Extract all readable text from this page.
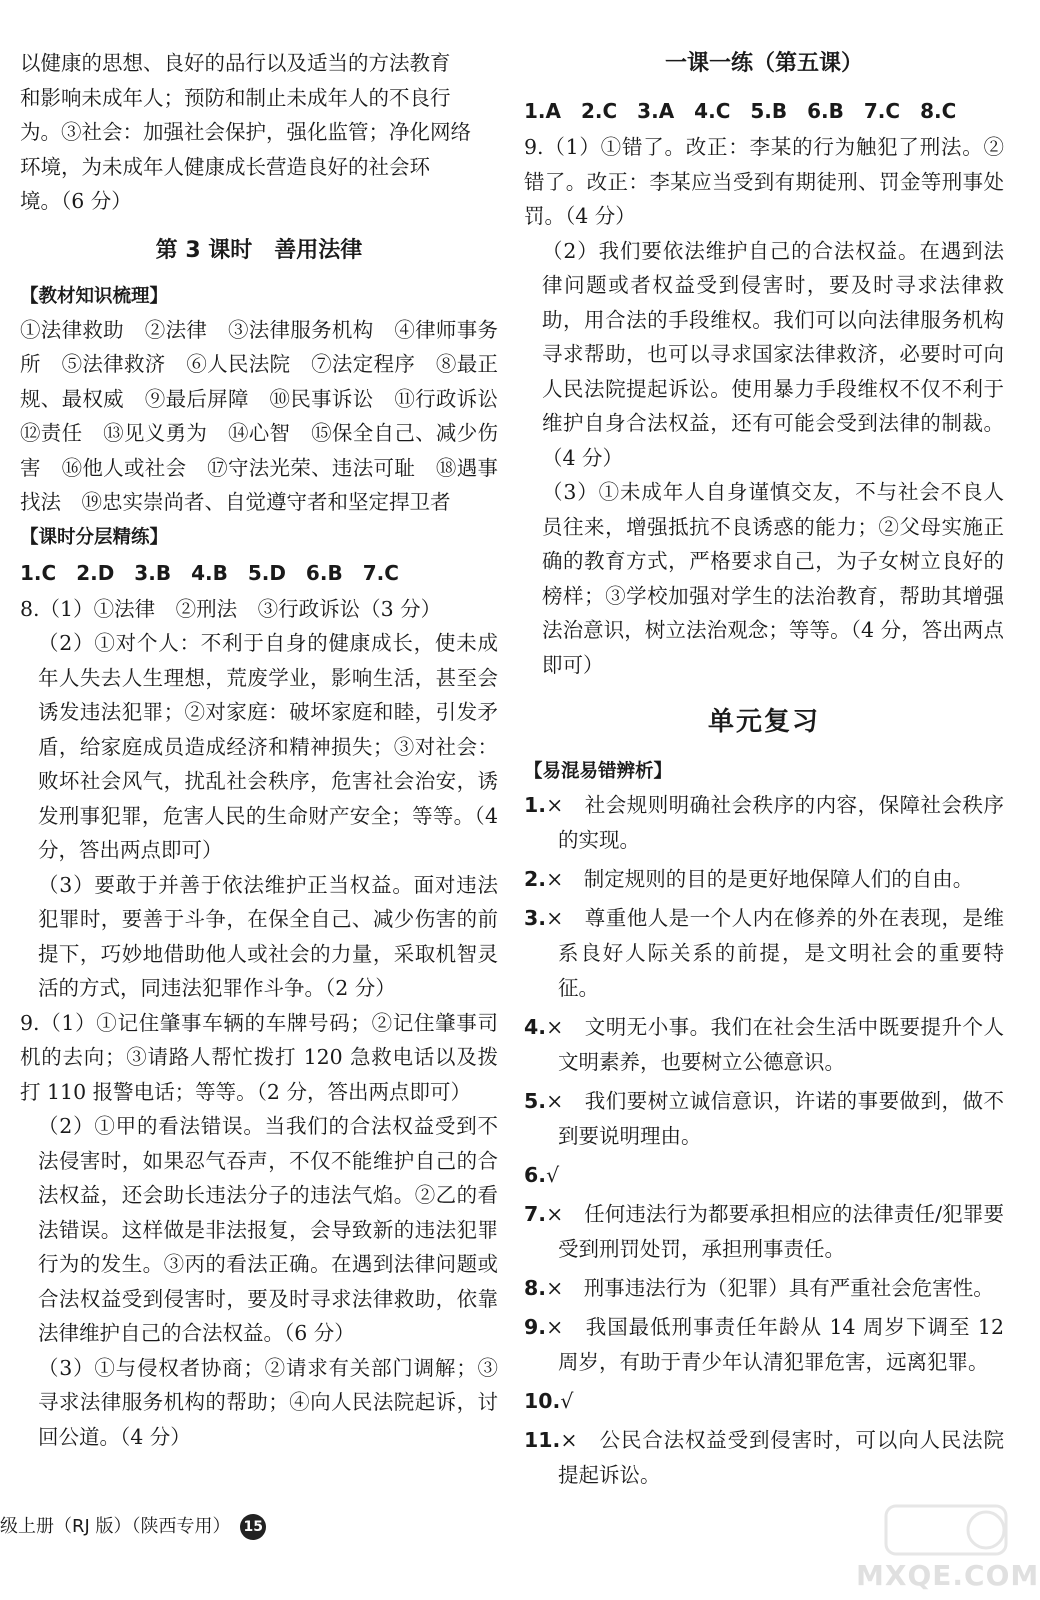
以健康的思想、良好的品行以及适当的方法教育

和影响未成年人；预防和制止未成年人的不良行

为。③社会：加强社会保护，强化监管；净化网络

环境，为未成年人健康成长营造良好的社会环

境。（6 分）

第 3 课时　善用法律
【教材知识梳理】

①法律救助　②法律　③法律服务机构　④律师事务所　⑤法律救济　⑥人民法院　⑦法定程序　⑧最正规、最权威　⑨最后屏障　⑩民事诉讼　⑪行政诉讼　⑫责任　⑬见义勇为　⑭心智　⑮保全自己、减少伤害　⑯他人或社会　⑰守法光荣、违法可耻　⑱遇事找法　⑲忠实崇尚者、自觉遵守者和坚定捍卫者

【课时分层精练】
1.C　2.D　3.B　4.B　5.D　6.B　7.C

8.（1）①法律　②刑法　③行政诉讼（3 分）

（2）①对个人：不利于自身的健康成长，使未成年人失去人生理想，荒废学业，影响生活，甚至会诱发违法犯罪；②对家庭：破坏家庭和睦，引发矛盾，给家庭成员造成经济和精神损失；③对社会：败坏社会风气，扰乱社会秩序，危害社会治安，诱发刑事犯罪，危害人民的生命财产安全；等等。（4 分，答出两点即可）

（3）要敢于并善于依法维护正当权益。面对违法犯罪时，要善于斗争，在保全自己、减少伤害的前提下，巧妙地借助他人或社会的力量，采取机智灵活的方式，同违法犯罪作斗争。（2 分）

9.（1）①记住肇事车辆的车牌号码；②记住肇事司机的去向；③请路人帮忙拨打 120 急救电话以及拨打 110 报警电话；等等。（2 分，答出两点即可）

（2）①甲的看法错误。当我们的合法权益受到不法侵害时，如果忍气吞声，不仅不能维护自己的合法权益，还会助长违法分子的违法气焰。②乙的看法错误。这样做是非法报复，会导致新的违法犯罪行为的发生。③丙的看法正确。在遇到法律问题或合法权益受到侵害时，要及时寻求法律救助，依靠法律维护自己的合法权益。（6 分）

（3）①与侵权者协商；②请求有关部门调解；③寻求法律服务机构的帮助；④向人民法院起诉，讨回公道。（4 分）

一课一练（第五课）
1.A　2.C　3.A　4.C　5.B　6.B　7.C　8.C

9.（1）①错了。改正：李某的行为触犯了刑法。②错了。改正：李某应当受到有期徒刑、罚金等刑事处罚。（4 分）

（2）我们要依法维护自己的合法权益。在遇到法律问题或者权益受到侵害时，要及时寻求法律救助，用合法的手段维权。我们可以向法律服务机构寻求帮助，也可以寻求国家法律救济，必要时可向人民法院提起诉讼。使用暴力手段维权不仅不利于维护自身合法权益，还有可能会受到法律的制裁。（4 分）

（3）①未成年人自身谨慎交友，不与社会不良人员往来，增强抵抗不良诱惑的能力；②父母实施正确的教育方式，严格要求自己，为子女树立良好的榜样；③学校加强对学生的法治教育，帮助其增强法治意识，树立法治观念；等等。（4 分，答出两点即可）

单元复习
【易混易错辨析】

1.×　 社会规则明确社会秩序的内容，保障社会秩序的实现。

2.×　 制定规则的目的是更好地保障人们的自由。

3.×　 尊重他人是一个人内在修养的外在表现，是维系良好人际关系的前提，是文明社会的重要特征。

4.×　 文明无小事。我们在社会生活中既要提升个人文明素养，也要树立公德意识。

5.×　 我们要树立诚信意识，许诺的事要做到，做不到要说明理由。

6.√　

7.×　 任何违法行为都要承担相应的法律责任/犯罪要受到刑罚处罚，承担刑事责任。

8.×　 刑事违法行为（犯罪）具有严重社会危害性。

9.×　 我国最低刑事责任年龄从 14 周岁下调至 12 周岁，有助于青少年认清犯罪危害，远离犯罪。

10.√　

11.×　 公民合法权益受到侵害时，可以向人民法院提起诉讼。

级上册（RJ 版）（陕西专用） 15
MXQE.COM
